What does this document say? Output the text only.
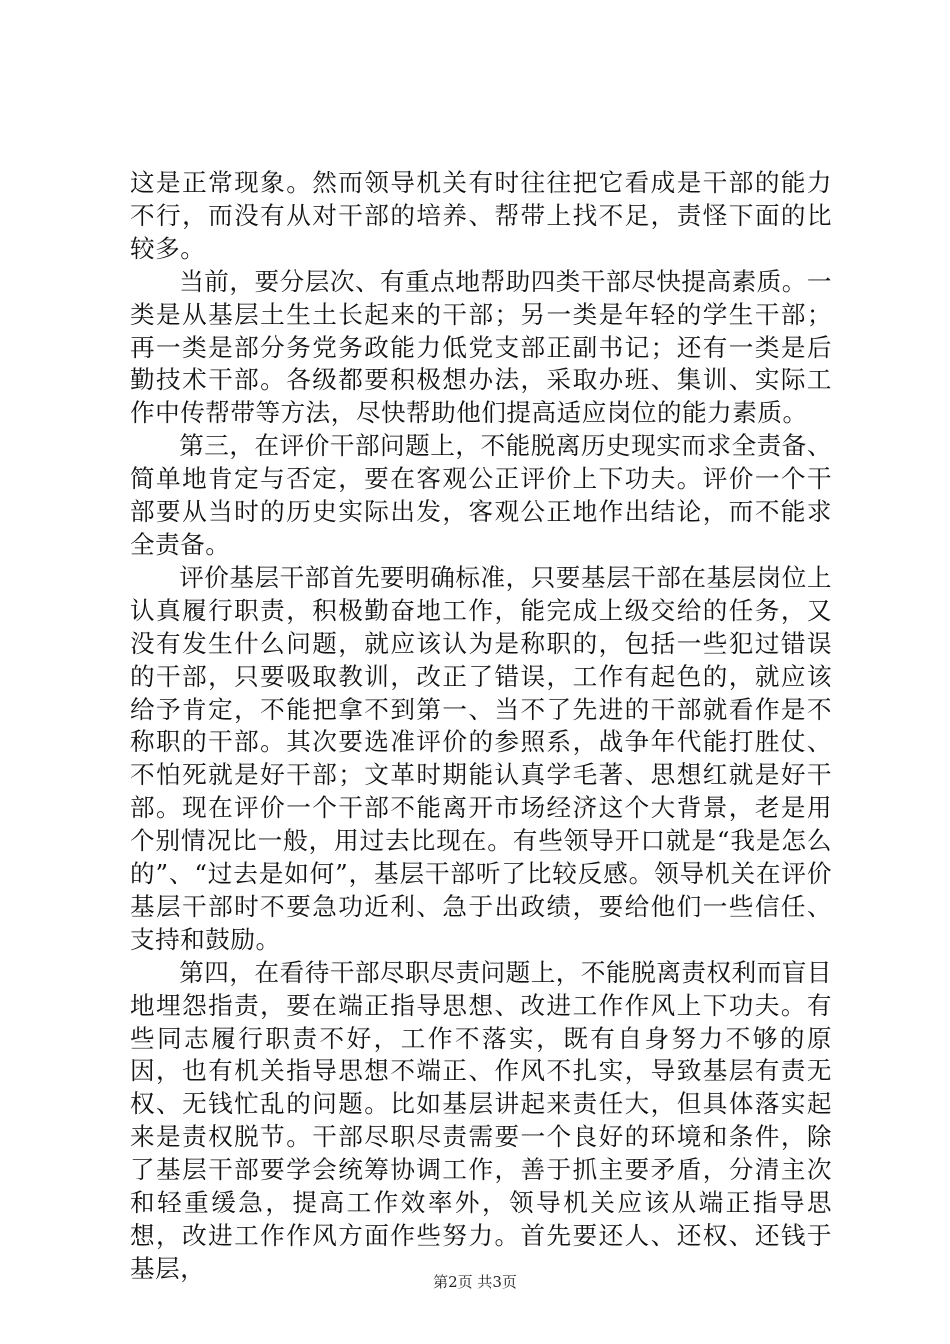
这是正常现象。然而领导机关有时往往把它看成是干部的能力不行，而没有从对干部的培养、帮带上找不足，责怪下面的比较多。

当前，要分层次、有重点地帮助四类干部尽快提高素质。一类是从基层土生土长起来的干部；另一类是年轻的学生干部；再一类是部分务党务政能力低党支部正副书记；还有一类是后勤技术干部。各级都要积极想办法，采取办班、集训、实际工作中传帮带等方法，尽快帮助他们提高适应岗位的能力素质。

第三，在评价干部问题上，不能脱离历史现实而求全责备、简单地肯定与否定，要在客观公正评价上下功夫。评价一个干部要从当时的历史实际出发，客观公正地作出结论，而不能求全责备。

评价基层干部首先要明确标准，只要基层干部在基层岗位上认真履行职责，积极勤奋地工作，能完成上级交给的任务，又没有发生什么问题，就应该认为是称职的，包括一些犯过错误的干部，只要吸取教训，改正了错误，工作有起色的，就应该给予肯定，不能把拿不到第一、当不了先进的干部就看作是不称职的干部。其次要选准评价的参照系，战争年代能打胜仗、不怕死就是好干部；文革时期能认真学毛著、思想红就是好干部。现在评价一个干部不能离开市场经济这个大背景，老是用个别情况比一般，用过去比现在。有些领导开口就是“我是怎么的”、“过去是如何”，基层干部听了比较反感。领导机关在评价基层干部时不要急功近利、急于出政绩，要给他们一些信任、支持和鼓励。

第四，在看待干部尽职尽责问题上，不能脱离责权利而盲目地埋怨指责，要在端正指导思想、改进工作作风上下功夫。有些同志履行职责不好，工作不落实，既有自身努力不够的原因，也有机关指导思想不端正、作风不扎实，导致基层有责无权、无钱忙乱的问题。比如基层讲起来责任大，但具体落实起来是责权脱节。干部尽职尽责需要一个良好的环境和条件，除了基层干部要学会统筹协调工作，善于抓主要矛盾，分清主次和轻重缓急，提高工作效率外，领导机关应该从端正指导思想，改进工作作风方面作些努力。首先要还人、还权、还钱于基层，	第2页 共3页
